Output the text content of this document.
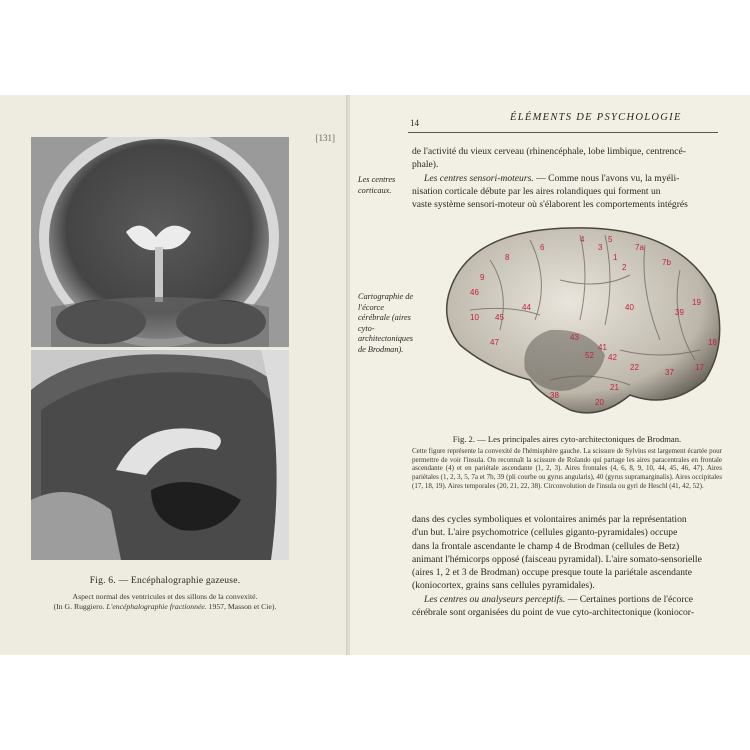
[131]
Fig. 6. — Encéphalographie gazeuse.
Aspect normal des ventricules et des sillons de la convexité.
(In G. Ruggiero. L'encéphalographie fractionnée. 1957, Masson et Cie).
14	ÉLÉMENTS DE PSYCHOLOGIE
Les centres corticaux.
Cartographie de l'écorce cérébrale (aires cyto-architectoniques de Brodman).
de l'activité du vieux cerveau (rhinencéphale, lobe limbique, centrencé-
phale).
Les centres sensori-moteurs. — Comme nous l'avons vu, la myéli-
nisation corticale débute par les aires rolandiques qui forment un
vaste système sensori-moteur où s'élaborent les comportements intégrés
6
4
3
1
2
5
7a
7b
8
9
10
44
45
46
47
40
39
43
41
42
52
22
21
20
38
37
19
18
17
Fig. 2. — Les principales aires cyto-architectoniques de Brodman.
Cette figure représente la convexité de l'hémisphère gauche. La scissure de Sylvius est largement écartée pour permettre de voir l'insula. On reconnaît la scissure de Rolando qui partage les aires paracentrales en frontale ascendante (4) et en pariétale ascendante (1, 2, 3). Aires frontales (4, 6, 8, 9, 10, 44, 45, 46, 47). Aires pariétales (1, 2, 3, 5, 7a et 7b, 39 (pli courbe ou gyrus angularis), 40 (gyrus supramarginalis). Aires occipitales (17, 18, 19). Aires temporales (20, 21, 22, 38). Circonvolution de l'insula ou gyri de Heschl (41, 42, 52).
dans des cycles symboliques et volontaires animés par la représentation
d'un but. L'aire psychomotrice (cellules giganto-pyramidales) occupe
dans la frontale ascendante le champ 4 de Brodman (cellules de Betz)
animant l'hémicorps opposé (faisceau pyramidal). L'aire somato-sensorielle
(aires 1, 2 et 3 de Brodman) occupe presque toute la pariétale ascendante
(koniocortex, grains sans cellules pyramidales).
Les centres ou analyseurs perceptifs. — Certaines portions de l'écorce
cérébrale sont organisées du point de vue cyto-architectonique (koniocor-
